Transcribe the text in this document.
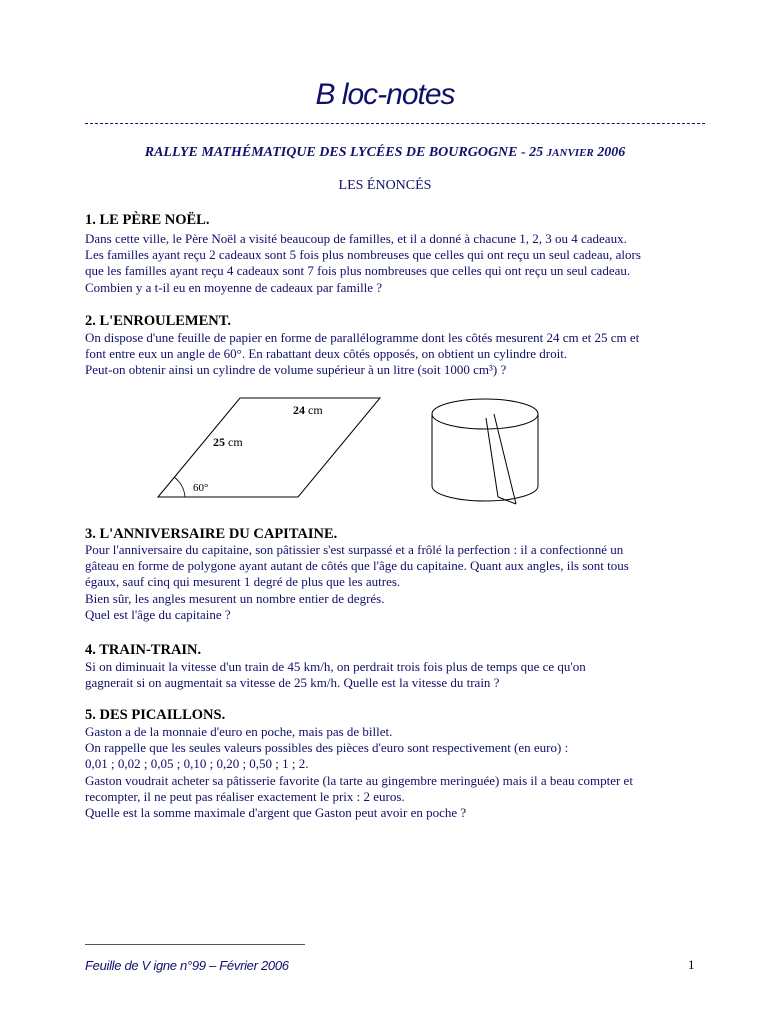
B loc-notes
RALLYE MATHÉMATIQUE DES LYCÉES DE BOURGOGNE - 25 JANVIER 2006
LES ÉNONCÉS
1. LE PÈRE NOËL.
Dans cette ville, le Père Noël a visité beaucoup de familles, et il a donné à chacune 1, 2, 3 ou 4 cadeaux.
Les familles ayant reçu 2 cadeaux sont 5 fois plus nombreuses que celles qui ont reçu un seul cadeau, alors
que les familles ayant reçu 4 cadeaux sont 7 fois plus nombreuses que celles qui ont reçu un seul cadeau.
Combien y a t-il eu en moyenne de cadeaux par famille ?
2. L'ENROULEMENT.
On dispose d'une feuille de papier en forme de parallélogramme dont les côtés mesurent 24 cm et 25 cm et
font entre eux un angle de 60°. En rabattant deux côtés opposés, on obtient un cylindre droit.
Peut-on obtenir ainsi un cylindre de volume supérieur à un litre (soit 1000 cm³) ?
24 cm
25 cm
60°
3. L'ANNIVERSAIRE DU CAPITAINE.
Pour l'anniversaire du capitaine, son pâtissier s'est surpassé et a frôlé la perfection : il a confectionné un
gâteau en forme de polygone ayant autant de côtés que l'âge du capitaine. Quant aux angles, ils sont tous
égaux, sauf cinq qui mesurent 1 degré de plus que les autres.
Bien sûr, les angles mesurent un nombre entier de degrés.
Quel est l'âge du capitaine ?
4. TRAIN-TRAIN.
Si on diminuait la vitesse d'un train de 45 km/h, on perdrait trois fois plus de temps que ce qu'on
gagnerait si on augmentait sa vitesse de 25 km/h. Quelle est la vitesse du train ?
5. DES PICAILLONS.
Gaston a de la monnaie d'euro en poche, mais pas de billet.
On rappelle que les seules valeurs possibles des pièces d'euro sont respectivement (en euro) :
0,01 ; 0,02 ; 0,05 ; 0,10 ; 0,20 ; 0,50 ; 1 ; 2.
Gaston voudrait acheter sa pâtisserie favorite (la tarte au gingembre meringuée) mais il a beau compter et
recompter, il ne peut pas réaliser exactement le prix : 2 euros.
Quelle est la somme maximale d'argent que Gaston peut avoir en poche ?
Feuille de V igne n°99 – Février 2006	1
